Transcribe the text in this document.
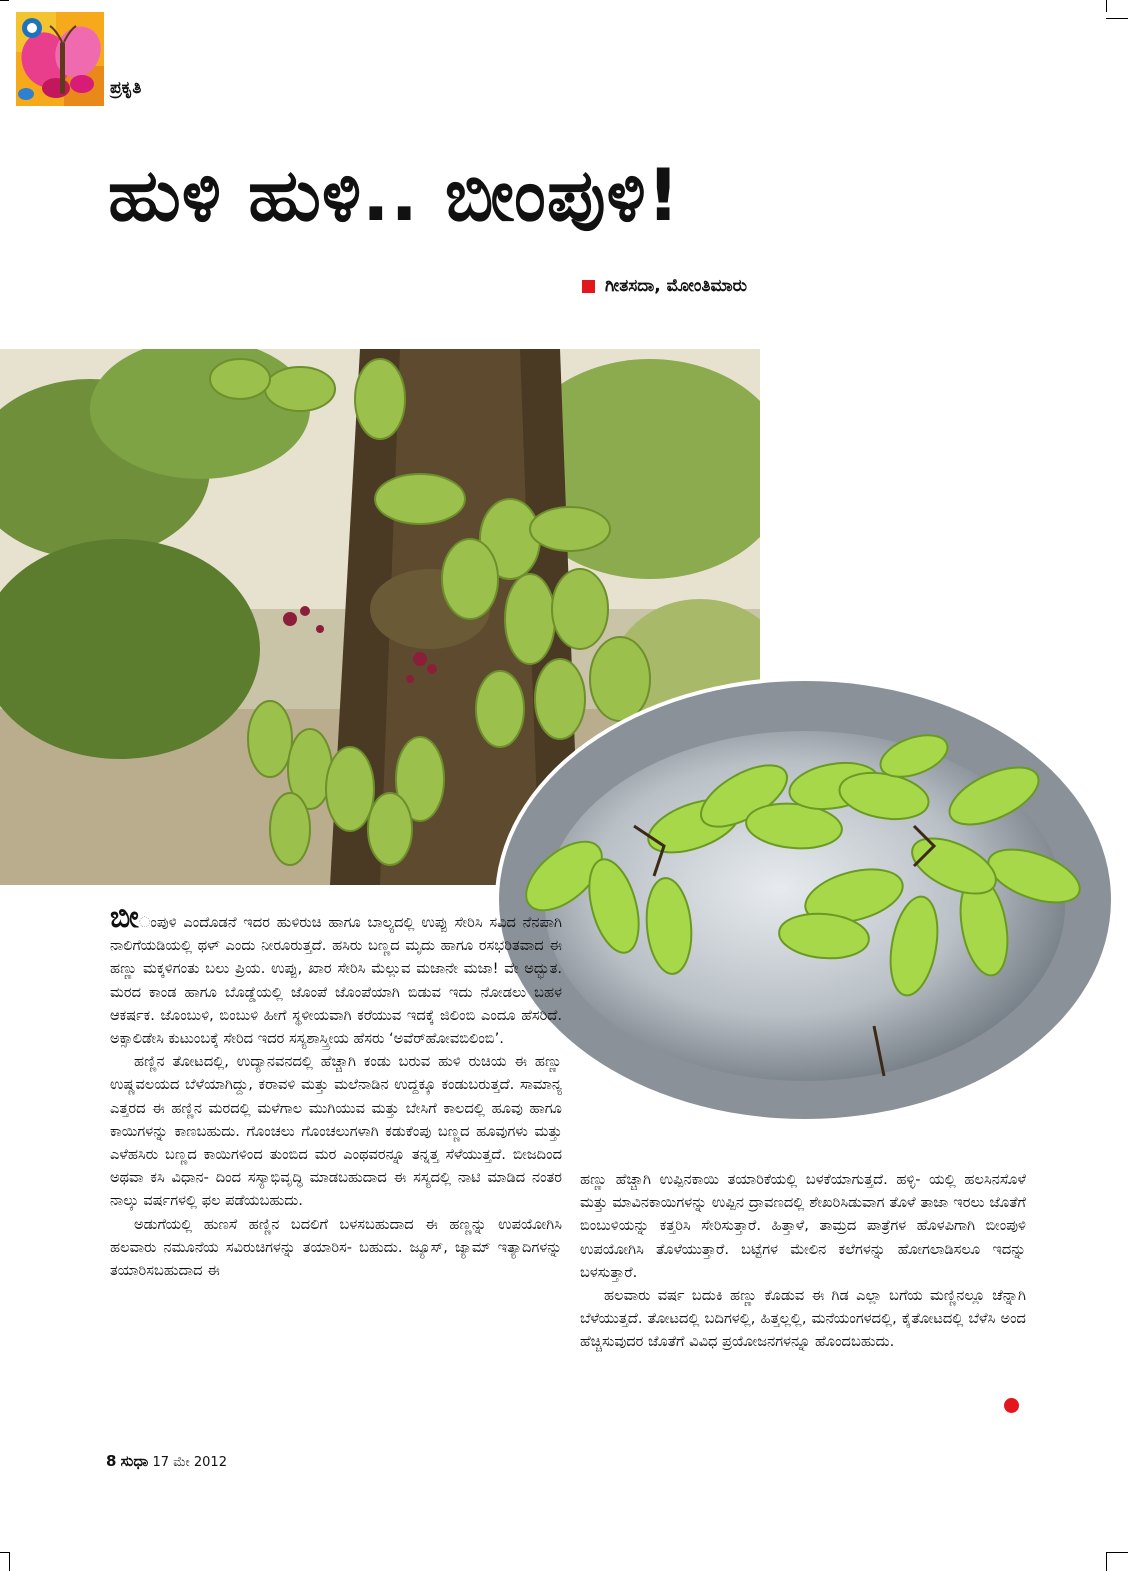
ಪ್ರಕೃತಿ
ಹುಳಿ ಹುಳಿ.. ಬೀಂಪುಳಿ!
ಗೀತಸದಾ, ಮೋಂತಿಮಾರು

ಬೀಂಪುಳಿ ಎಂದೊಡನೆ ಇದರ ಹುಳಿರುಚಿ ಹಾಗೂ ಬಾಲ್ಯದಲ್ಲಿ ಉಪ್ಪು ಸೇರಿಸಿ ಸವಿದ ನೆನಪಾಗಿ ನಾಲಿಗೆಯಡಿಯಲ್ಲಿ ಥಳ್ ಎಂದು ನೀರೂರುತ್ತದೆ. ಹಸಿರು ಬಣ್ಣದ ಮೃದು ಹಾಗೂ ರಸಭರಿತವಾದ ಈ ಹಣ್ಣು ಮಕ್ಕಳಿಗಂತು ಬಲು ಪ್ರಿಯ. ಉಪ್ಪು, ಖಾರ ಸೇರಿಸಿ ಮೆಲ್ಲುವ ಮಜಾನೇ ಮಜಾ! ವೇ ಅದ್ಭುತ. ಮರದ ಕಾಂಡ ಹಾಗೂ ಬೊಡ್ಡೆಯಲ್ಲಿ ಜೊಂಪೆ ಜೊಂಪೆಯಾಗಿ ಬಿಡುವ ಇದು ನೋಡಲು ಬಹಳ ಆಕರ್ಷಕ. ಜೊಂಬುಳಿ, ಬಿಂಬುಳಿ ಹೀಗೆ ಸ್ಥಳೀಯವಾಗಿ ಕರೆಯುವ ಇದಕ್ಕೆ ಜಿಲಿಂಬಿ ಎಂದೂ ಹೆಸರಿದೆ. ಅಕ್ಸಾಲಿಡೇಸಿ ಕುಟುಂಬಕ್ಕೆ ಸೇರಿದ ಇದರ ಸಸ್ಯಶಾಸ್ತ್ರೀಯ ಹೆಸರು ‘ಅವೆರ್‌ಹೋವಬಿಲಿಂಬಿ’.

ಹಣ್ಣಿನ ತೋಟದಲ್ಲಿ, ಉದ್ಯಾನವನದಲ್ಲಿ ಹೆಚ್ಚಾಗಿ ಕಂಡು ಬರುವ ಹುಳಿ ರುಚಿಯ ಈ ಹಣ್ಣು ಉಷ್ಣವಲಯದ ಬೆಳೆಯಾಗಿದ್ದು, ಕರಾವಳಿ ಮತ್ತು ಮಲೆನಾಡಿನ ಉದ್ದಕ್ಕೂ ಕಂಡುಬರುತ್ತದೆ. ಸಾಮಾನ್ಯ ಎತ್ತರದ ಈ ಹಣ್ಣಿನ ಮರದಲ್ಲಿ ಮಳೆಗಾಲ ಮುಗಿಯುವ ಮತ್ತು ಬೇಸಿಗೆ ಕಾಲದಲ್ಲಿ ಹೂವು ಹಾಗೂ ಕಾಯಿಗಳನ್ನು ಕಾಣಬಹುದು. ಗೊಂಚಲು ಗೊಂಚಲುಗಳಾಗಿ ಕಡುಕೆಂಪು ಬಣ್ಣದ ಹೂವುಗಳು ಮತ್ತು ಎಳೆಹಸಿರು ಬಣ್ಣದ ಕಾಯಿಗಳಿಂದ ತುಂಬಿದ ಮರ ಎಂಥವರನ್ನೂ ತನ್ನತ್ತ ಸೆಳೆಯುತ್ತದೆ. ಬೀಜದಿಂದ ಅಥವಾ ಕಸಿ ವಿಧಾನ- ದಿಂದ ಸಸ್ಯಾಭಿವೃದ್ಧಿ ಮಾಡಬಹುದಾದ ಈ ಸಸ್ಯದಲ್ಲಿ ನಾಟಿ ಮಾಡಿದ ನಂತರ ನಾಲ್ಕು ವರ್ಷಗಳಲ್ಲಿ ಫಲ ಪಡೆಯಬಹುದು.

ಅಡುಗೆಯಲ್ಲಿ ಹುಣಸೆ ಹಣ್ಣಿನ ಬದಲಿಗೆ ಬಳಸಬಹುದಾದ ಈ ಹಣ್ಣನ್ನು ಉಪಯೋಗಿಸಿ ಹಲವಾರು ನಮೂನೆಯ ಸವಿರುಚಿಗಳನ್ನು ತಯಾರಿಸ- ಬಹುದು. ಜ್ಯೂಸ್, ಜ್ಯಾಮ್ ಇತ್ಯಾದಿಗಳನ್ನು ತಯಾರಿಸಬಹುದಾದ ಈ

ಹಣ್ಣು ಹೆಚ್ಚಾಗಿ ಉಪ್ಪಿನಕಾಯಿ ತಯಾರಿಕೆಯಲ್ಲಿ ಬಳಕೆಯಾಗುತ್ತದೆ. ಹಳ್ಳಿ- ಯಲ್ಲಿ ಹಲಸಿನಸೊಳೆ ಮತ್ತು ಮಾವಿನಕಾಯಿಗಳನ್ನು ಉಪ್ಪಿನ ದ್ರಾವಣದಲ್ಲಿ ಶೇಖರಿಸಿಡುವಾಗ ತೊಳೆ ತಾಜಾ ಇರಲು ಜೊತೆಗೆ ಬಿಂಬುಳಿಯನ್ನು ಕತ್ತರಿಸಿ ಸೇರಿಸುತ್ತಾರೆ. ಹಿತ್ತಾಳೆ, ತಾಮ್ರದ ಪಾತ್ರೆಗಳ ಹೊಳಪಿಗಾಗಿ ಬೀಂಪುಳಿ ಉಪಯೋಗಿಸಿ ತೊಳೆಯುತ್ತಾರೆ. ಬಟ್ಟೆಗಳ ಮೇಲಿನ ಕಲೆಗಳನ್ನು ಹೋಗಲಾಡಿಸಲೂ ಇದನ್ನು ಬಳಸುತ್ತಾರೆ.

ಹಲವಾರು ವರ್ಷ ಬದುಕಿ ಹಣ್ಣು ಕೊಡುವ ಈ ಗಿಡ ಎಲ್ಲಾ ಬಗೆಯ ಮಣ್ಣಿನಲ್ಲೂ ಚೆನ್ನಾಗಿ ಬೆಳೆಯುತ್ತದೆ. ತೋಟದಲ್ಲಿ ಬದಿಗಳಲ್ಲಿ, ಹಿತ್ತಲ್ಲಲ್ಲಿ, ಮನೆಯಂಗಳದಲ್ಲಿ, ಕೈತೋಟದಲ್ಲಿ ಬೆಳೆಸಿ ಅಂದ ಹೆಚ್ಚಿಸುವುದರ ಜೊತೆಗೆ ವಿವಿಧ ಪ್ರಯೋಜನಗಳನ್ನೂ ಹೊಂದಬಹುದು.

8 ಸುಧಾ 17 ಮೇ 2012
